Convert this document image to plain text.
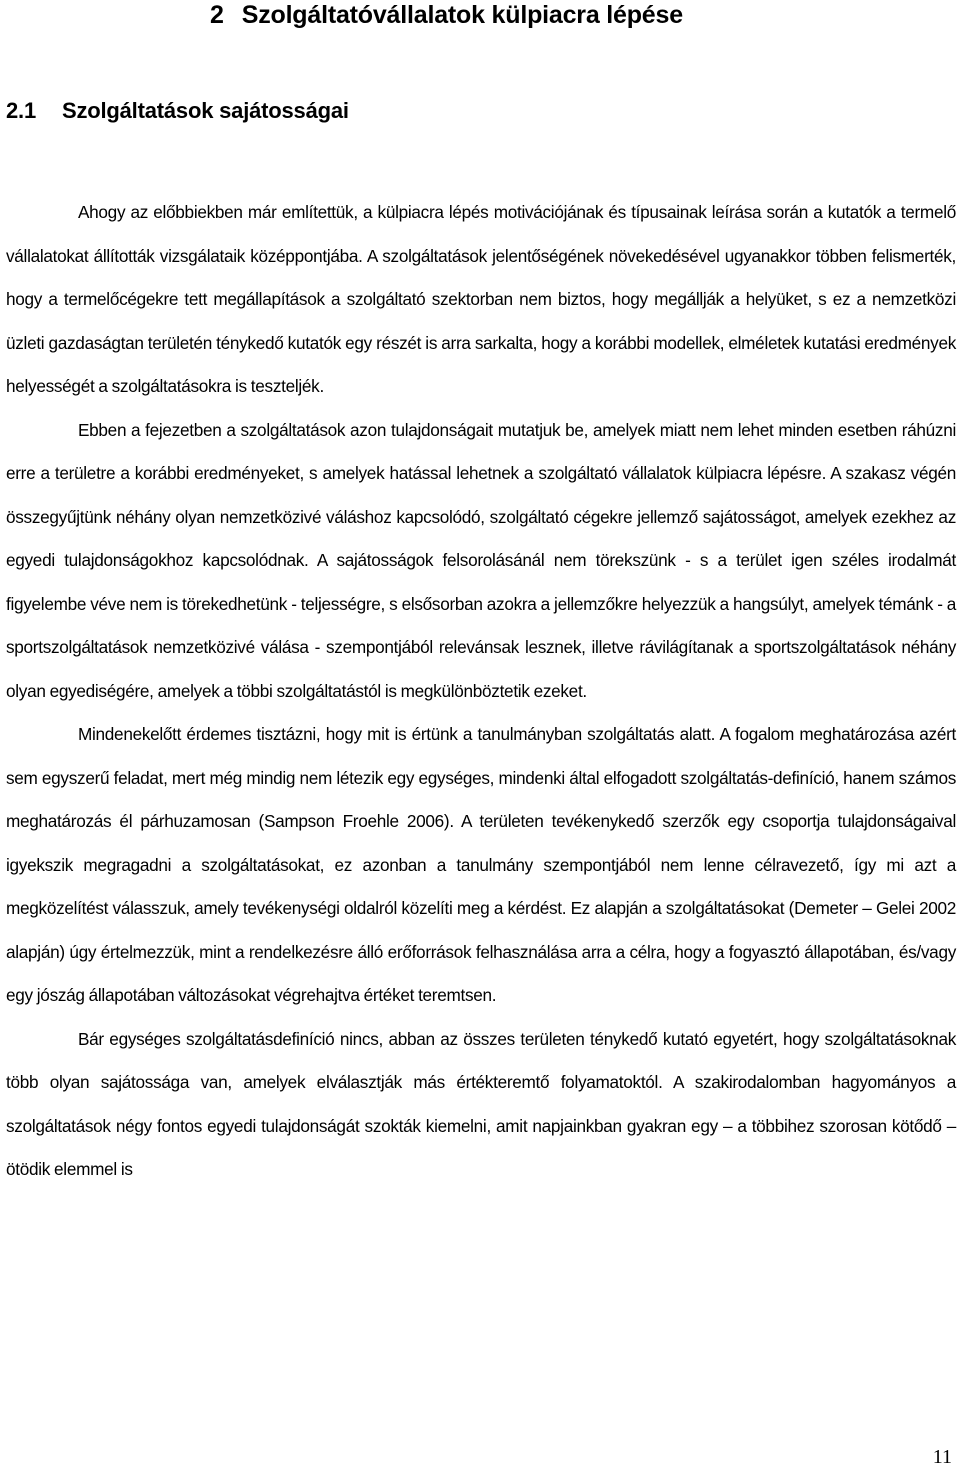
2 Szolgáltatóvállalatok külpiacra lépése
2.1 Szolgáltatások sajátosságai

Ahogy az előbbiekben már említettük, a külpiacra lépés motivációjának és típusainak leírása során a kutatók a termelő vállalatokat állították vizsgálataik középpontjába. A szolgáltatások jelentőségének növekedésével ugyanakkor többen felismerték, hogy a termelőcégekre tett megállapítások a szolgáltató szektorban nem biztos, hogy megállják a helyüket, s ez a nemzetközi üzleti gazdaságtan területén ténykedő kutatók egy részét is arra sarkalta, hogy a korábbi modellek, elméletek kutatási eredmények helyességét a szolgáltatásokra is teszteljék.

Ebben a fejezetben a szolgáltatások azon tulajdonságait mutatjuk be, amelyek miatt nem lehet minden esetben ráhúzni erre a területre a korábbi eredményeket, s amelyek hatással lehetnek a szolgáltató vállalatok külpiacra lépésre. A szakasz végén összegyűjtünk néhány olyan nemzetközivé váláshoz kapcsolódó, szolgáltató cégekre jellemző sajátosságot, amelyek ezekhez az egyedi tulajdonságokhoz kapcsolódnak. A sajátosságok felsorolásánál nem törekszünk - s a terület igen széles irodalmát figyelembe véve nem is törekedhetünk - teljességre, s elsősorban azokra a jellemzőkre helyezzük a hangsúlyt, amelyek témánk - a sportszolgáltatások nemzetközivé válása - szempontjából relevánsak lesznek, illetve rávilágítanak a sportszolgáltatások néhány olyan egyediségére, amelyek a többi szolgáltatástól is megkülönböztetik ezeket.

Mindenekelőtt érdemes tisztázni, hogy mit is értünk a tanulmányban szolgáltatás alatt. A fogalom meghatározása azért sem egyszerű feladat, mert még mindig nem létezik egy egységes, mindenki által elfogadott szolgáltatás-definíció, hanem számos meghatározás él párhuzamosan (Sampson Froehle 2006). A területen tevékenykedő szerzők egy csoportja tulajdonságaival igyekszik megragadni a szolgáltatásokat, ez azonban a tanulmány szempontjából nem lenne célravezető, így mi azt a megközelítést válasszuk, amely tevékenységi oldalról közelíti meg a kérdést. Ez alapján a szolgáltatásokat (Demeter – Gelei 2002 alapján) úgy értelmezzük, mint a rendelkezésre álló erőforrások felhasználása arra a célra, hogy a fogyasztó állapotában, és/vagy egy jószág állapotában változásokat végrehajtva értéket teremtsen.

Bár egységes szolgáltatásdefiníció nincs, abban az összes területen ténykedő kutató egyetért, hogy szolgáltatásoknak több olyan sajátossága van, amelyek elválasztják más értékteremtő folyamatoktól. A szakirodalomban hagyományos a szolgáltatások négy fontos egyedi tulajdonságát szokták kiemelni, amit napjainkban gyakran egy – a többihez szorosan kötődő – ötödik elemmel is

11
